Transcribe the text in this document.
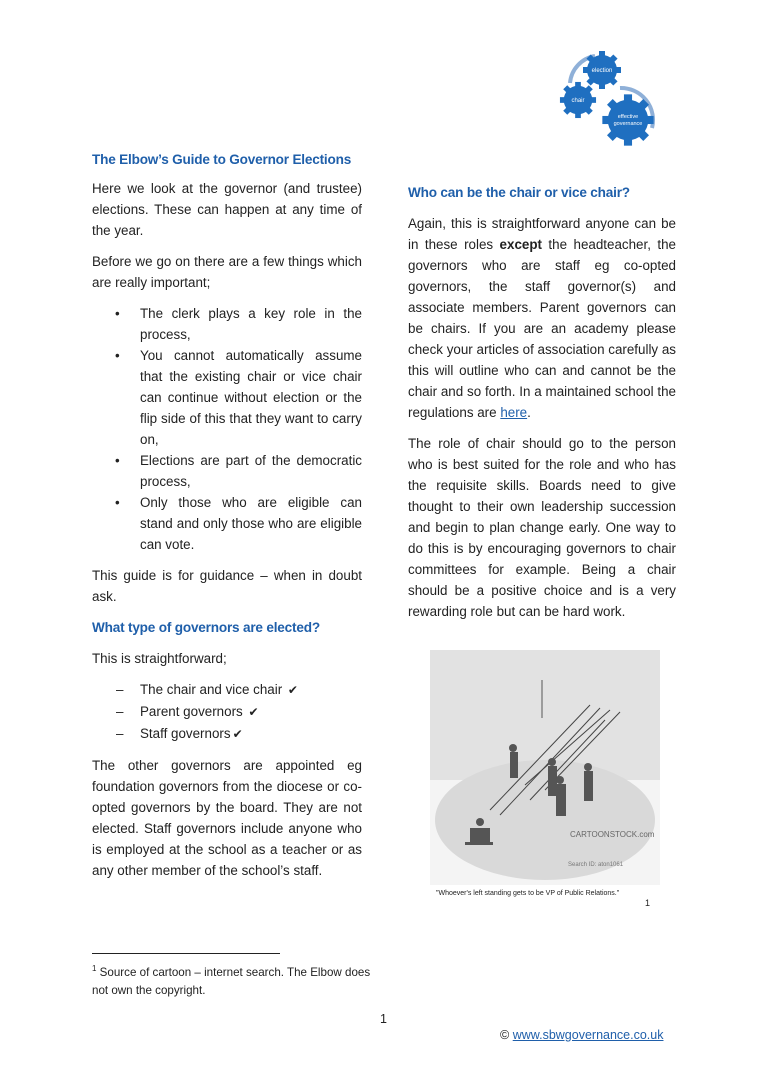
election
chair
effective
governance
The Elbow’s Guide to Governor Elections

Here we look at the governor (and trustee) elections. These can happen at any time of the year.

Before we go on there are a few things which are really important;

• The clerk plays a key role in the process,
• You cannot automatically assume that the existing chair or vice chair can continue without election or the flip side of this that they want to carry on,
• Elections are part of the democratic process,
• Only those who are eligible can stand and only those who are eligible can vote.

This guide is for guidance – when in doubt ask.

What type of governors are elected?

This is straightforward;

– The chair and vice chair ✔
– Parent governors ✔
– Staff governors ✔

The other governors are appointed eg foundation governors from the diocese or co-opted governors by the board. They are not elected. Staff governors include anyone who is employed at the school as a teacher or as any other member of the school’s staff.

Who can be the chair or vice chair?

Again, this is straightforward anyone can be in these roles except the headteacher, the governors who are staff eg co-opted governors, the staff governor(s) and associate members. Parent governors can be chairs. If you are an academy please check your articles of association carefully as this will outline who can and cannot be the chair and so forth. In a maintained school the regulations are here.

The role of chair should go to the person who is best suited for the role and who has the requisite skills. Boards need to give thought to their own leadership succession and begin to plan change early. One way to do this is by encouraging governors to chair committees for example. Being a chair should be a positive choice and is a very rewarding role but can be hard work.

CARTOONSTOCK.com
Search ID: aton1061
"Whoever's left standing gets to be VP of Public Relations."
1
$^1$ Source of cartoon – internet search. The Elbow does not own the copyright.
1
© www.sbwgovernance.co.uk
